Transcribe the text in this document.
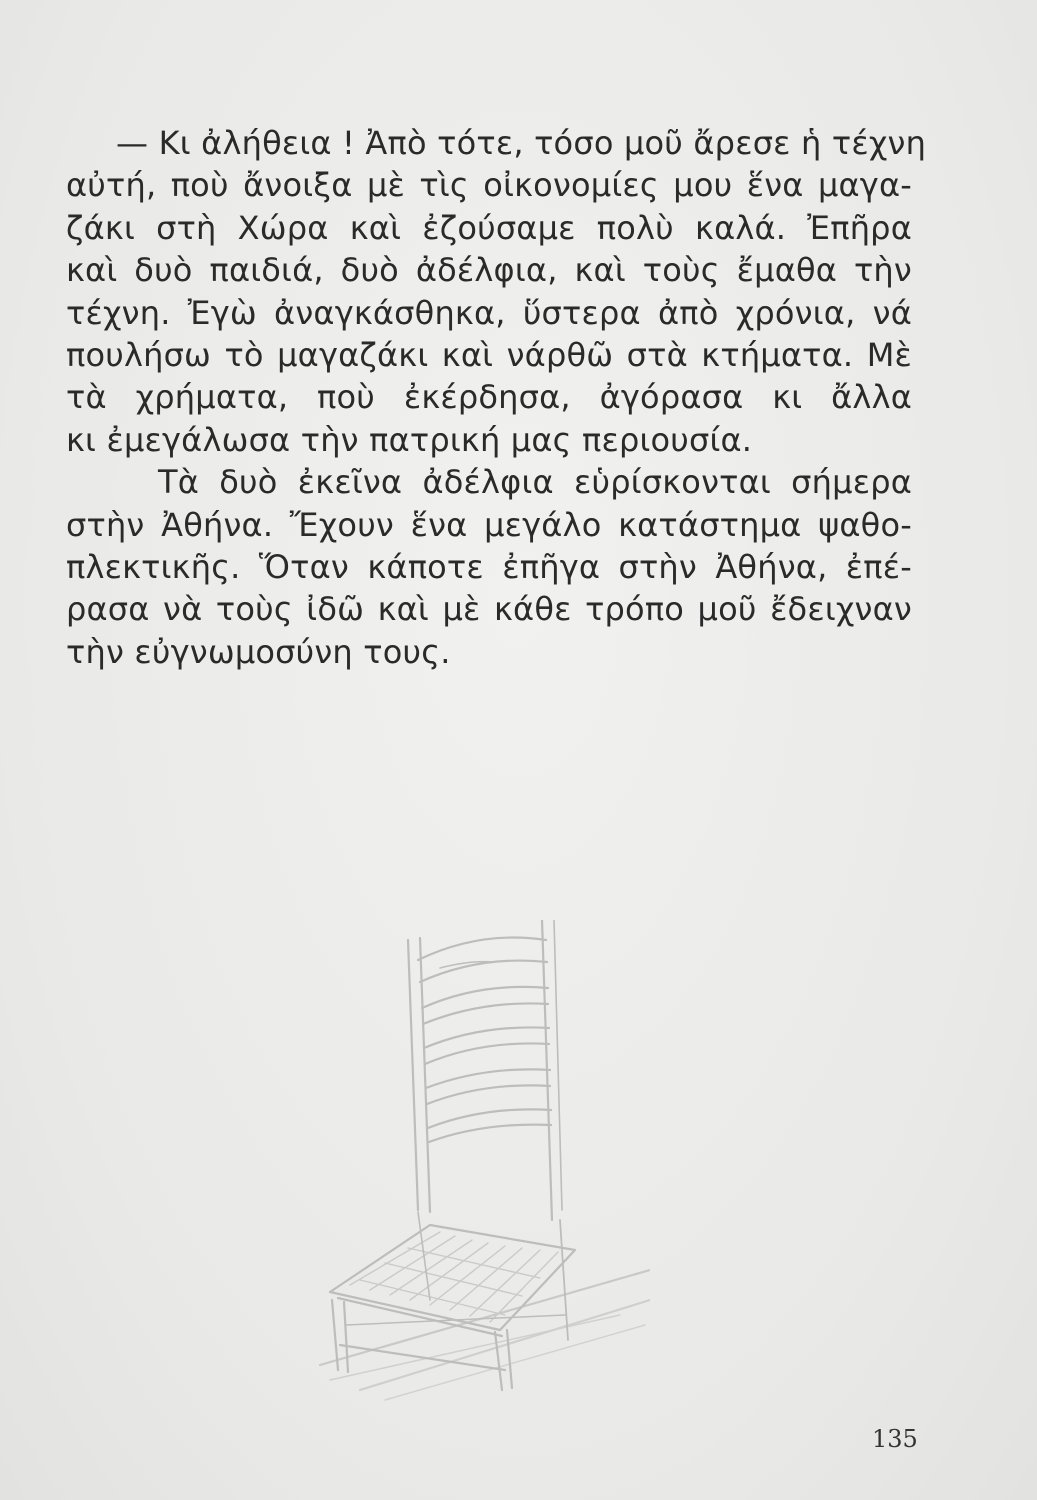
— Κι ἀλήθεια ! Ἀπὸ τότε, τόσο μοῦ ἄρεσε ἡ τέχνη
αὐτή, ποὺ ἄνοιξα μὲ τὶς οἰκονομίες μου ἕνα μαγα-
ζάκι στὴ Χώρα καὶ ἐζούσαμε πολὺ καλά. Ἐπῆρα
καὶ δυὸ παιδιά, δυὸ ἀδέλφια, καὶ τοὺς ἔμαθα τὴν
τέχνη. Ἐγὼ ἀναγκάσθηκα, ὕστερα ἀπὸ χρόνια, νά
πουλήσω τὸ μαγαζάκι καὶ νάρθῶ στὰ κτήματα. Μὲ
τὰ χρήματα, ποὺ ἐκέρδησα, ἀγόρασα κι ἄλλα
κι ἐμεγάλωσα τὴν πατρική μας περιουσία.

Τὰ δυὸ ἐκεῖνα ἀδέλφια εὑρίσκονται σήμερα
στὴν Ἀθήνα. Ἔχουν ἕνα μεγάλο κατάστημα ψαθο-
πλεκτικῆς. Ὅταν κάποτε ἐπῆγα στὴν Ἀθήνα, ἐπέ-
ρασα νὰ τοὺς ἰδῶ καὶ μὲ κάθε τρόπο μοῦ ἔδειχναν
τὴν εὐγνωμοσύνη τους.

135
